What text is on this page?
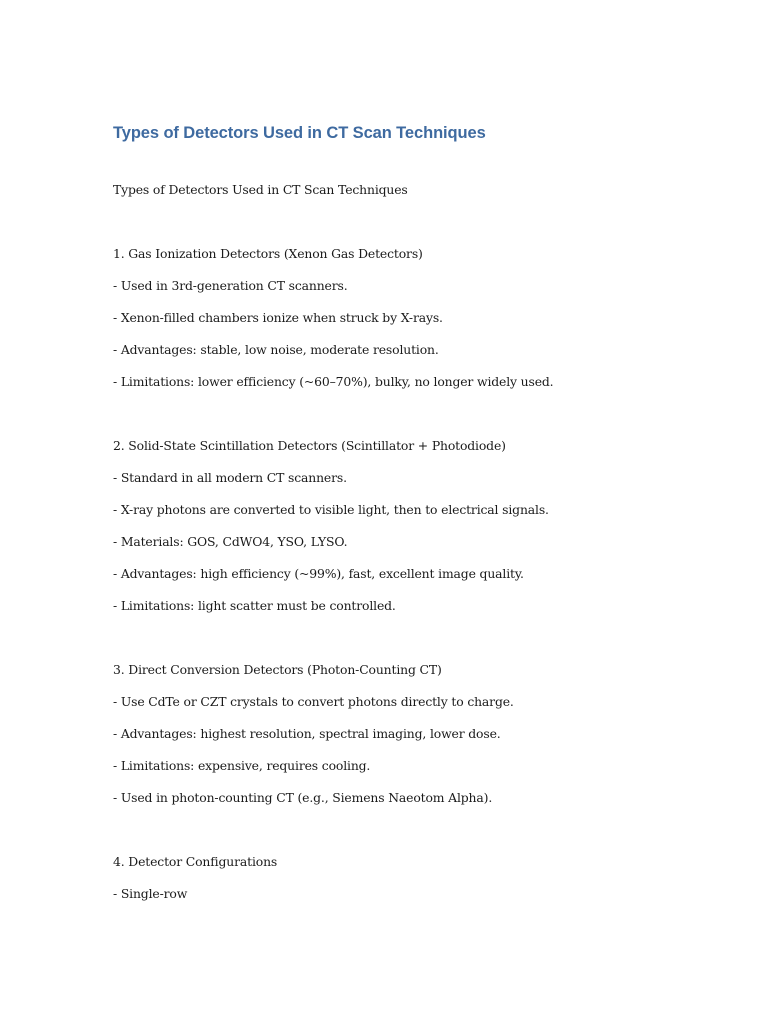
Types of Detectors Used in CT Scan Techniques
Types of Detectors Used in CT Scan Techniques
1. Gas Ionization Detectors (Xenon Gas Detectors)
- Used in 3rd-generation CT scanners.
- Xenon-filled chambers ionize when struck by X-rays.
- Advantages: stable, low noise, moderate resolution.
- Limitations: lower efficiency (~60–70%), bulky, no longer widely used.
2. Solid-State Scintillation Detectors (Scintillator + Photodiode)
- Standard in all modern CT scanners.
- X-ray photons are converted to visible light, then to electrical signals.
- Materials: GOS, CdWO4, YSO, LYSO.
- Advantages: high efficiency (~99%), fast, excellent image quality.
- Limitations: light scatter must be controlled.
3. Direct Conversion Detectors (Photon-Counting CT)
- Use CdTe or CZT crystals to convert photons directly to charge.
- Advantages: highest resolution, spectral imaging, lower dose.
- Limitations: expensive, requires cooling.
- Used in photon-counting CT (e.g., Siemens Naeotom Alpha).
4. Detector Configurations
- Single-row
